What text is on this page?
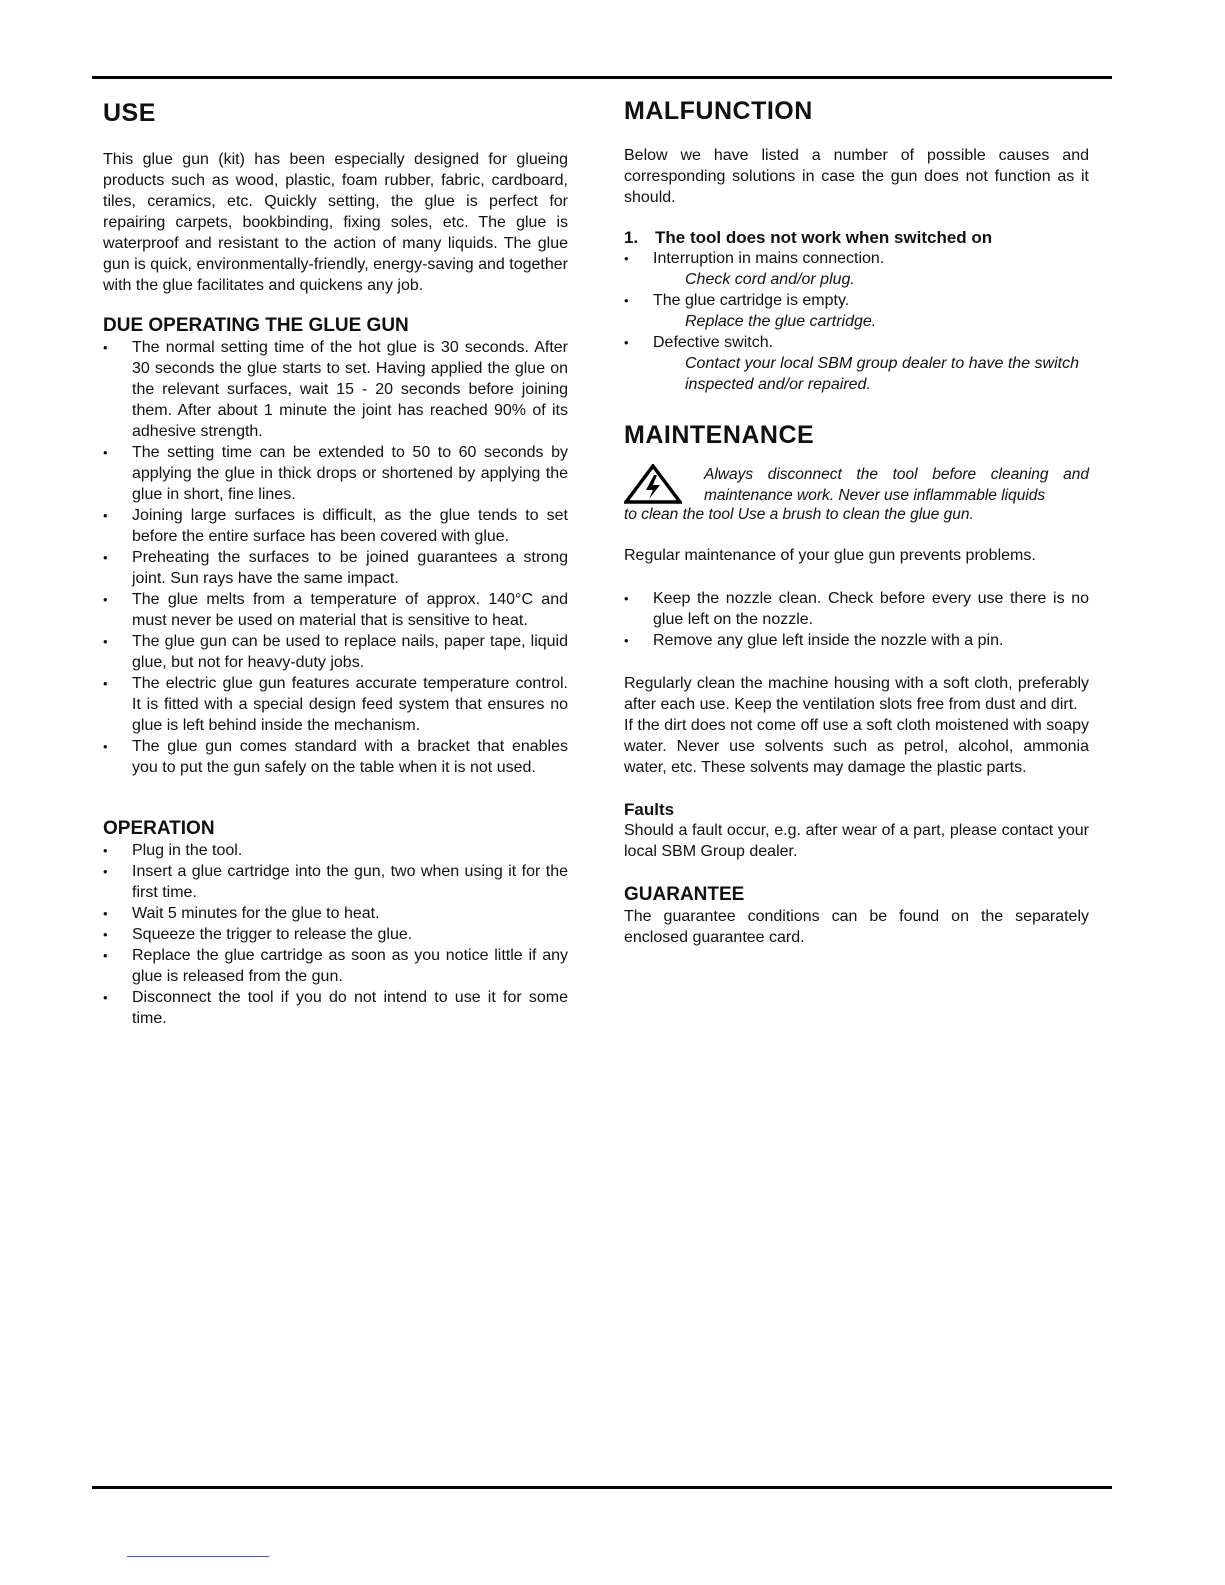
USE

This glue gun (kit) has been especially designed for glueing products such as wood, plastic, foam rubber, fabric, cardboard, tiles, ceramics, etc. Quickly setting, the glue is perfect for repairing carpets, bookbinding, fixing soles, etc. The glue is waterproof and resistant to the action of many liquids. The glue gun is quick, environmentally-friendly, energy-saving and together with the glue facilitates and quickens any job.

DUE OPERATING THE GLUE GUN
• The normal setting time of the hot glue is 30 seconds. After 30 seconds the glue starts to set. Having applied the glue on the relevant surfaces, wait 15 - 20 seconds before joining them. After about 1 minute the joint has reached 90% of its adhesive strength.
• The setting time can be extended to 50 to 60 seconds by applying the glue in thick drops or shortened by applying the glue in short, fine lines.
• Joining large surfaces is difficult, as the glue tends to set before the entire surface has been covered with glue.
• Preheating the surfaces to be joined guarantees a strong joint. Sun rays have the same impact.
• The glue melts from a temperature of approx. 140°C and must never be used on material that is sensitive to heat.
• The glue gun can be used to replace nails, paper tape, liquid glue, but not for heavy-duty jobs.
• The electric glue gun features accurate temperature control. It is fitted with a special design feed system that ensures no glue is left behind inside the mechanism.
• The glue gun comes standard with a bracket that enables you to put the gun safely on the table when it is not used.
OPERATION
• Plug in the tool.
• Insert a glue cartridge into the gun, two when using it for the first time.
• Wait 5 minutes for the glue to heat.
• Squeeze the trigger to release the glue.
• Replace the glue cartridge as soon as you notice little if any glue is released from the gun.
• Disconnect the tool if you do not intend to use it for some time.
MALFUNCTION

Below we have listed a number of possible causes and corresponding solutions in case the gun does not function as it should.

1. The tool does not work when switched on
• Interruption in mains connection.
Check cord and/or plug.
• The glue cartridge is empty.
Replace the glue cartridge.
• Defective switch.
Contact your local SBM group dealer to have the switch inspected and/or repaired.
MAINTENANCE
Always disconnect the tool before cleaning and maintenance work. Never use inflammable liquids
to clean the tool Use a brush to clean the glue gun.

Regular maintenance of your glue gun prevents problems.

• Keep the nozzle clean. Check before every use there is no glue left on the nozzle.
• Remove any glue left inside the nozzle with a pin.

Regularly clean the machine housing with a soft cloth, preferably after each use. Keep the ventilation slots free from dust and dirt.

If the dirt does not come off use a soft cloth moistened with soapy water. Never use solvents such as petrol, alcohol, ammonia water, etc. These solvents may damage the plastic parts.

Faults

Should a fault occur, e.g. after wear of a part, please contact your local SBM Group dealer.

GUARANTEE

The guarantee conditions can be found on the separately enclosed guarantee card.
